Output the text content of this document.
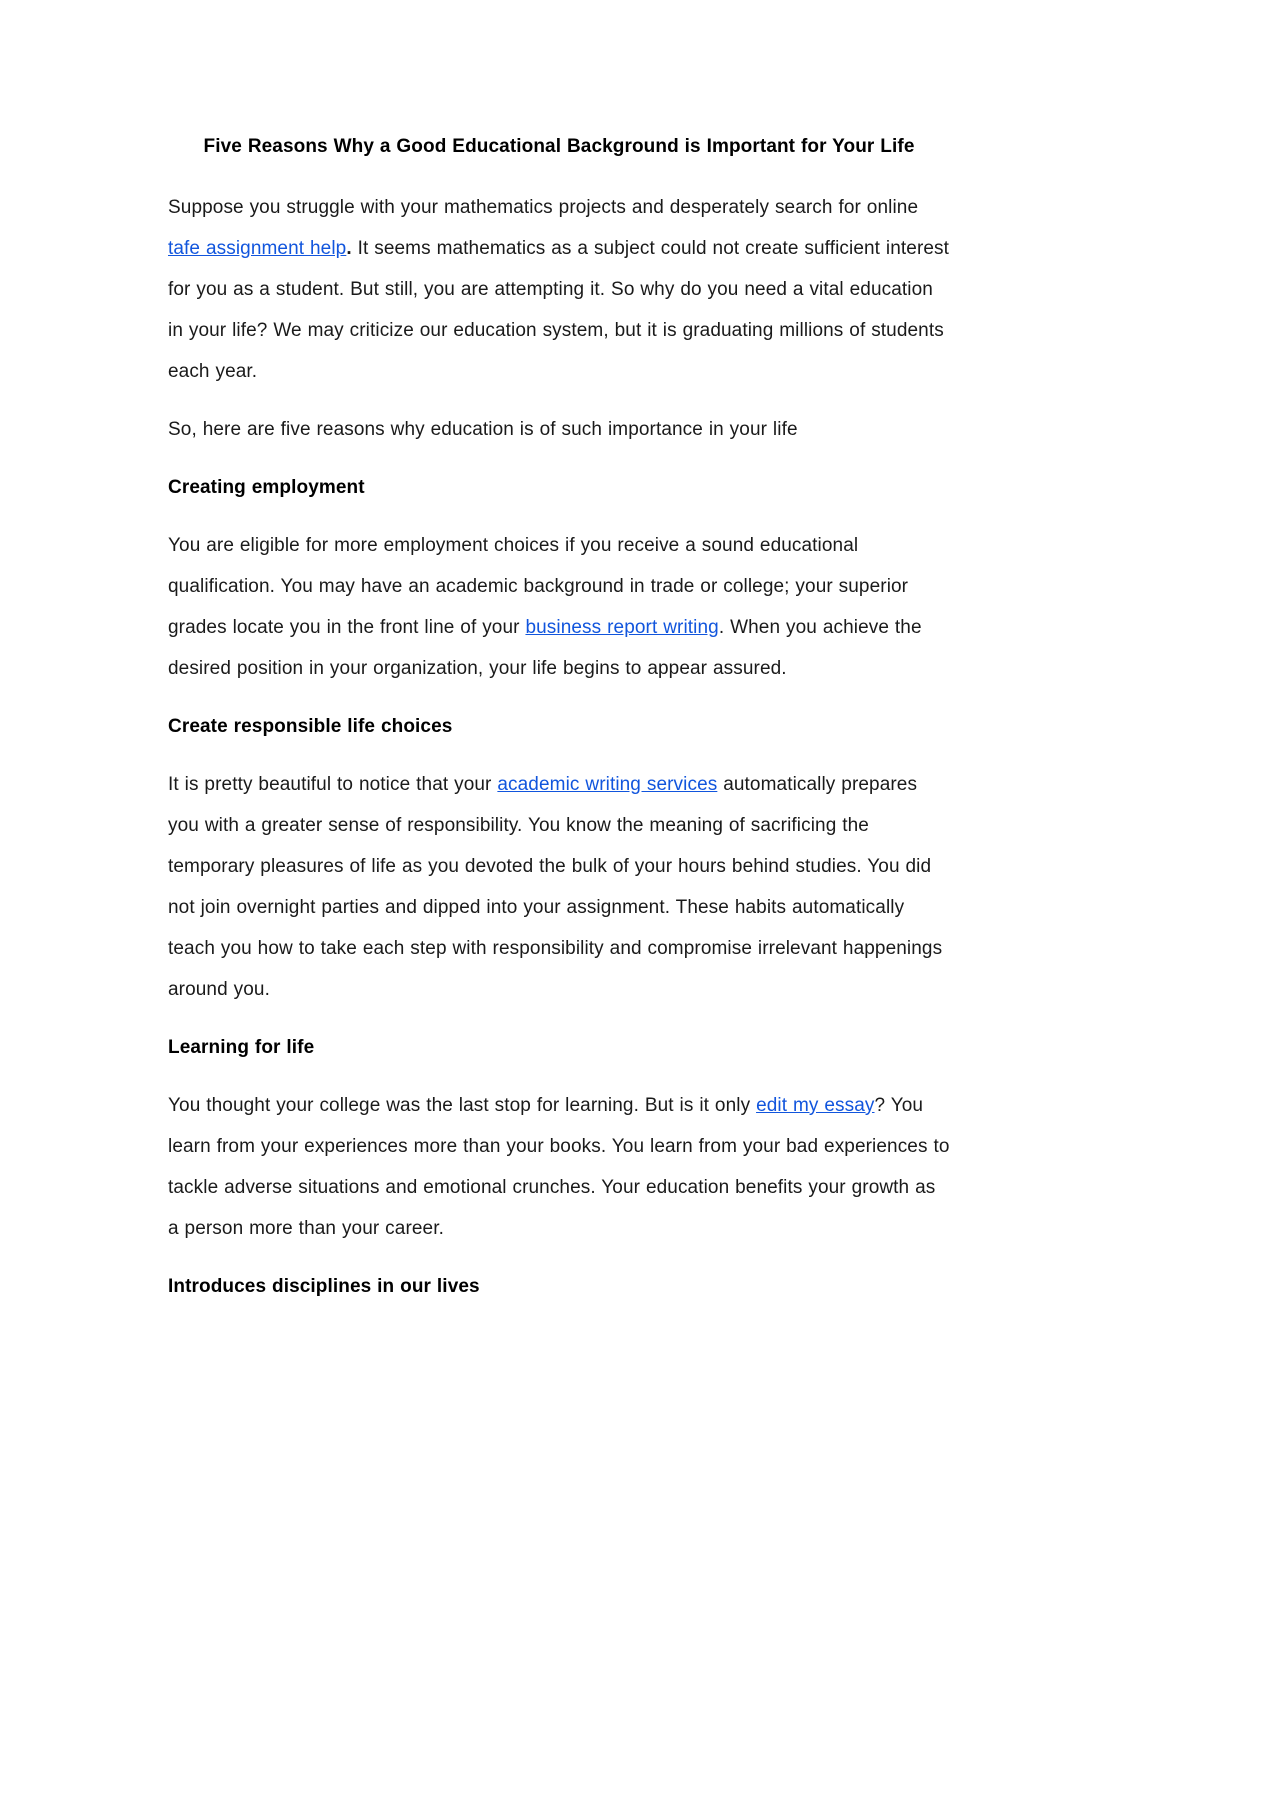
Five Reasons Why a Good Educational Background is Important for Your Life

Suppose you struggle with your mathematics projects and desperately search for online tafe assignment help. It seems mathematics as a subject could not create sufficient interest for you as a student. But still, you are attempting it. So why do you need a vital education in your life? We may criticize our education system, but it is graduating millions of students each year.

So, here are five reasons why education is of such importance in your life

Creating employment

You are eligible for more employment choices if you receive a sound educational qualification. You may have an academic background in trade or college; your superior grades locate you in the front line of your business report writing. When you achieve the desired position in your organization, your life begins to appear assured.

Create responsible life choices

It is pretty beautiful to notice that your academic writing services automatically prepares you with a greater sense of responsibility. You know the meaning of sacrificing the temporary pleasures of life as you devoted the bulk of your hours behind studies. You did not join overnight parties and dipped into your assignment. These habits automatically teach you how to take each step with responsibility and compromise irrelevant happenings around you.

Learning for life

You thought your college was the last stop for learning. But is it only edit my essay? You learn from your experiences more than your books. You learn from your bad experiences to tackle adverse situations and emotional crunches. Your education benefits your growth as a person more than your career.

Introduces disciplines in our lives
